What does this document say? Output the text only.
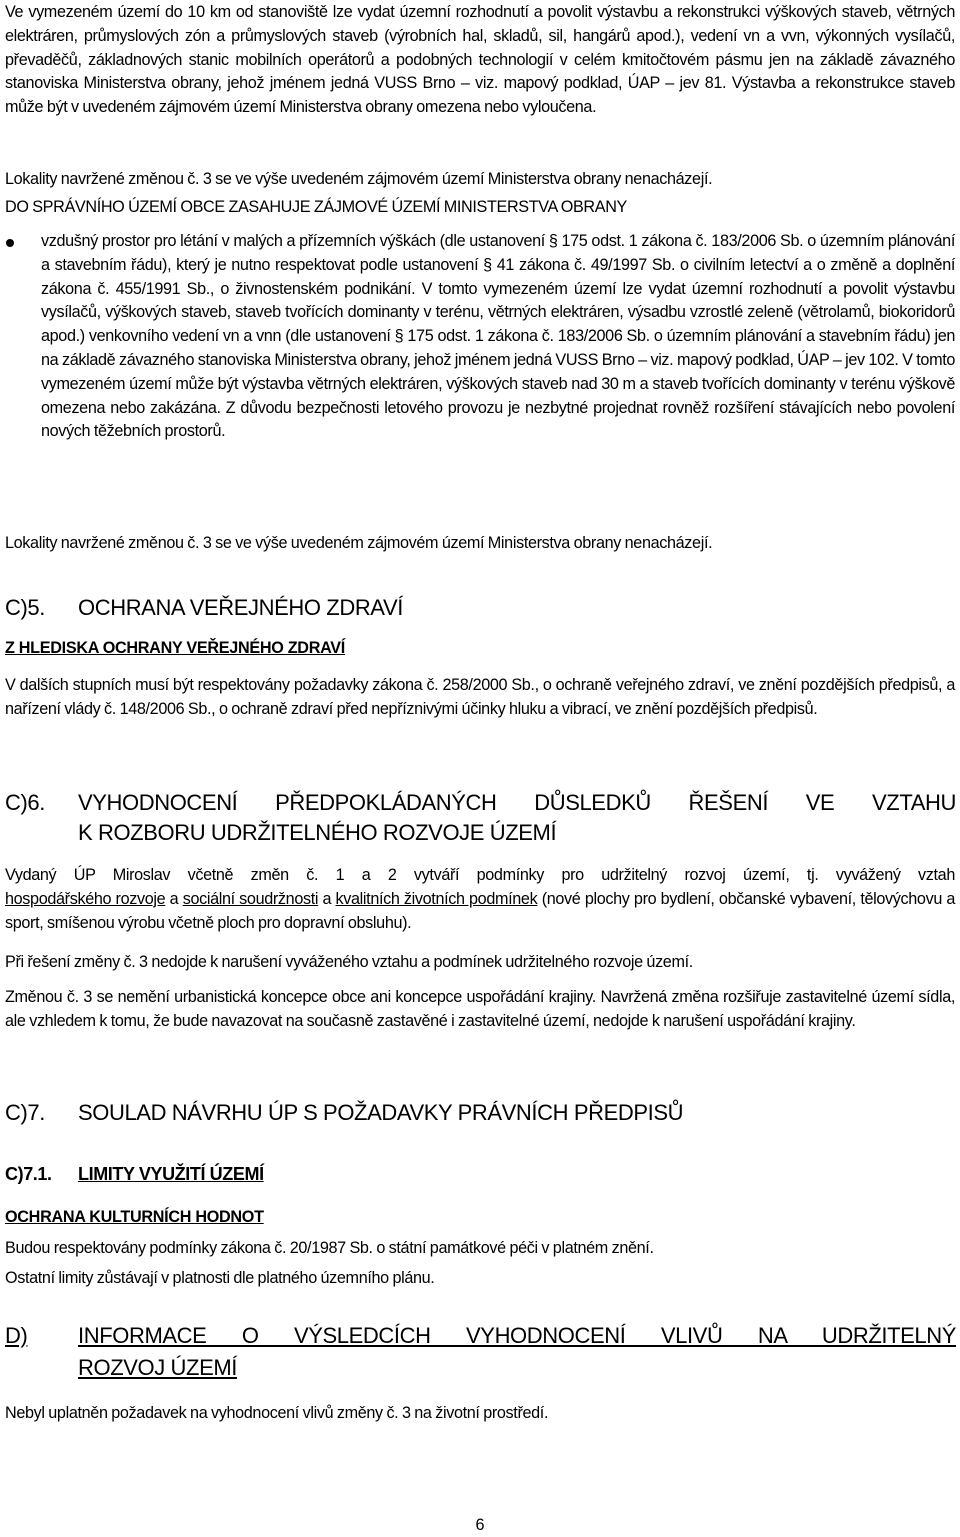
Ve vymezeném území do 10 km od stanoviště lze vydat územní rozhodnutí a povolit výstavbu a rekonstrukci výškových staveb, větrných elektráren, průmyslových zón a průmyslových staveb (výrobních hal, skladů, sil, hangárů apod.), vedení vn a vvn, výkonných vysílačů, převaděčů, základnových stanic mobilních operátorů a podobných technologií v celém kmitočtovém pásmu jen na základě závazného stanoviska Ministerstva obrany, jehož jménem jedná VUSS Brno – viz. mapový podklad, ÚAP – jev 81. Výstavba a rekonstrukce staveb může být v uvedeném zájmovém území Ministerstva obrany omezena nebo vyloučena.

Lokality navržené změnou č. 3 se ve výše uvedeném zájmovém území Ministerstva obrany nenacházejí.

DO SPRÁVNÍHO ÚZEMÍ OBCE ZASAHUJE ZÁJMOVÉ ÚZEMÍ MINISTERSTVA OBRANY

vzdušný prostor pro létání v malých a přízemních výškách (dle ustanovení § 175 odst. 1 zákona č. 183/2006 Sb. o územním plánování a stavebním řádu), který je nutno respektovat podle ustanovení § 41 zákona č. 49/1997 Sb. o civilním letectví a o změně a doplnění zákona č. 455/1991 Sb., o živnostenském podnikání. V tomto vymezeném území lze vydat územní rozhodnutí a povolit výstavbu vysílačů, výškových staveb, staveb tvořících dominanty v terénu, větrných elektráren, výsadbu vzrostlé zeleně (větrolamů, biokoridorů apod.) venkovního vedení vn a vnn (dle ustanovení § 175 odst. 1 zákona č. 183/2006 Sb. o územním plánování a stavebním řádu) jen na základě závazného stanoviska Ministerstva obrany, jehož jménem jedná VUSS Brno – viz. mapový podklad, ÚAP – jev 102. V tomto vymezeném území může být výstavba větrných elektráren, výškových staveb nad 30 m a staveb tvořících dominanty v terénu výškově omezena nebo zakázána. Z důvodu bezpečnosti letového provozu je nezbytné projednat rovněž rozšíření stávajících nebo povolení nových těžebních prostorů.

Lokality navržené změnou č. 3 se ve výše uvedeném zájmovém území Ministerstva obrany nenacházejí.

C)5. OCHRANA VEŘEJNÉHO ZDRAVÍ
Z HLEDISKA OCHRANY VEŘEJNÉHO ZDRAVÍ

V dalších stupních musí být respektovány požadavky zákona č. 258/2000 Sb., o ochraně veřejného zdraví, ve znění pozdějších předpisů, a nařízení vlády č. 148/2006 Sb., o ochraně zdraví před nepříznivými účinky hluku a vibrací, ve znění pozdějších předpisů.

C)6. VYHODNOCENÍ PŘEDPOKLÁDANÝCH DŮSLEDKŮ ŘEŠENÍ VE VZTAHU
K ROZBORU UDRŽITELNÉHO ROZVOJE ÚZEMÍ

Vydaný ÚP Miroslav včetně změn č. 1 a 2 vytváří podmínky pro udržitelný rozvoj území, tj. vyvážený vztah
hospodářského rozvoje a sociální soudržnosti a kvalitních životních podmínek (nové plochy pro bydlení, občanské vybavení, tělovýchovu a sport, smíšenou výrobu včetně ploch pro dopravní obsluhu).

Při řešení změny č. 3 nedojde k narušení vyváženého vztahu a podmínek udržitelného rozvoje území.

Změnou č. 3 se nemění urbanistická koncepce obce ani koncepce uspořádání krajiny. Navržená změna rozšiřuje zastavitelné území sídla, ale vzhledem k tomu, že bude navazovat na současně zastavěné i zastavitelné území, nedojde k narušení uspořádání krajiny.

C)7. SOULAD NÁVRHU ÚP S POŽADAVKY PRÁVNÍCH PŘEDPISŮ
C)7.1. LIMITY VYUŽITÍ ÚZEMÍ
OCHRANA KULTURNÍCH HODNOT

Budou respektovány podmínky zákona č. 20/1987 Sb. o státní památkové péči v platném znění.

Ostatní limity zůstávají v platnosti dle platného územního plánu.

D) INFORMACE O VÝSLEDCÍCH VYHODNOCENÍ VLIVŮ NA UDRŽITELNÝ
ROZVOJ ÚZEMÍ

Nebyl uplatněn požadavek na vyhodnocení vlivů změny č. 3 na životní prostředí.

6
